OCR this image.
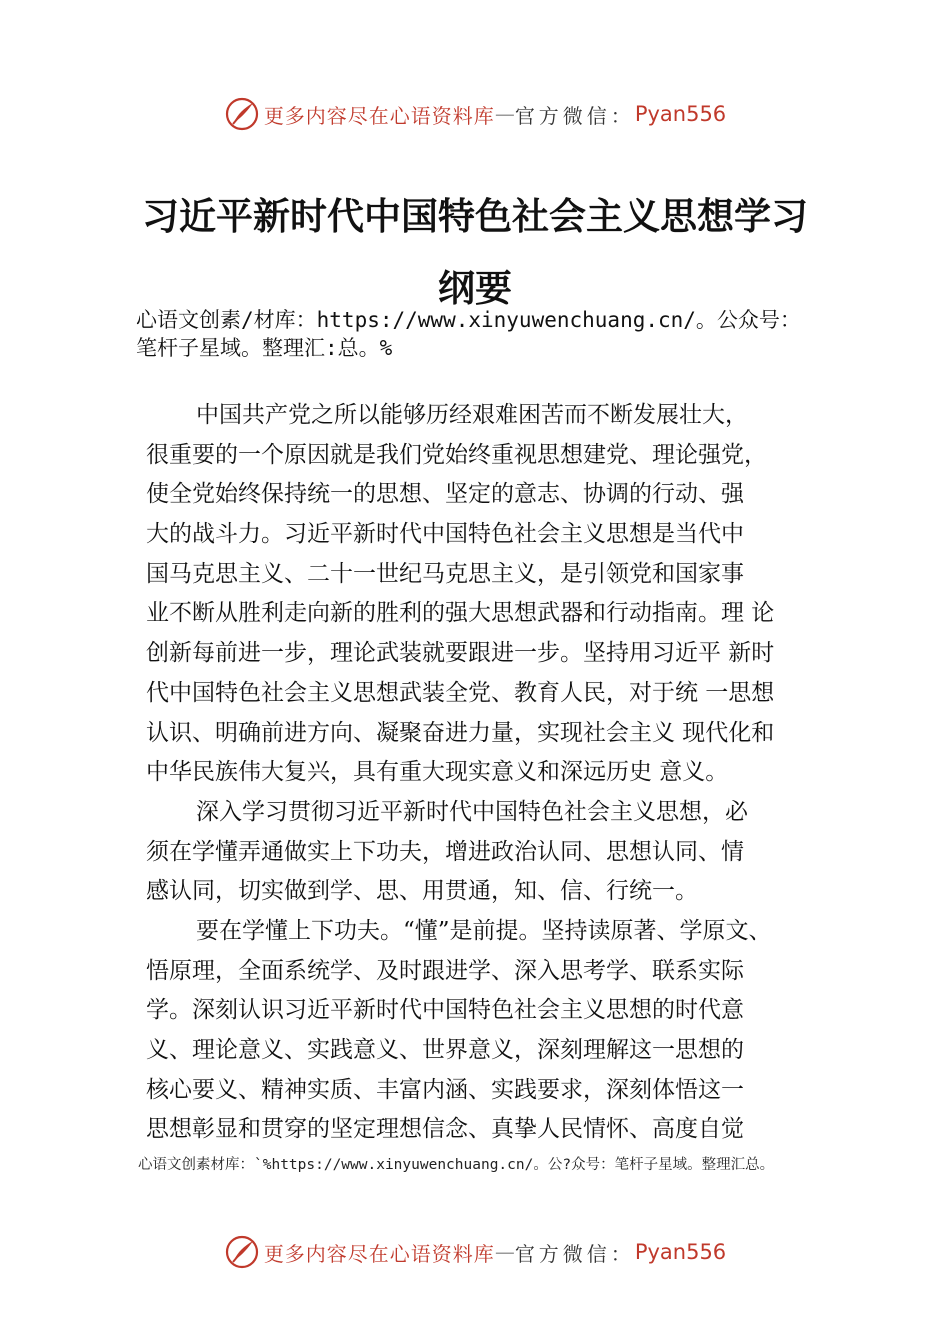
更多内容尽在心语资料库 — 官方微信： Pyan556
习近平新时代中国特色社会主义思想学习
纲要
心语文创素/材库：https://www.xinyuwenchuang.cn/。公众号：
笔杆子星域。整理汇:总。%
中国共产党之所以能够历经艰难困苦而不断发展壮大，
很重要的一个原因就是我们党始终重视思想建党、理论强党，
使全党始终保持统一的思想、坚定的意志、协调的行动、强
大的战斗力。习近平新时代中国特色社会主义思想是当代中
国马克思主义、二十一世纪马克思主义，是引领党和国家事
业不断从胜利走向新的胜利的强大思想武器和行动指南。理 论
创新每前进一步，理论武装就要跟进一步。坚持用习近平 新时
代中国特色社会主义思想武装全党、教育人民，对于统 一思想
认识、明确前进方向、凝聚奋进力量，实现社会主义 现代化和
中华民族伟大复兴，具有重大现实意义和深远历史 意义。
深入学习贯彻习近平新时代中国特色社会主义思想，必
须在学懂弄通做实上下功夫，增进政治认同、思想认同、情
感认同，切实做到学、思、用贯通，知、信、行统一。
要在学懂上下功夫。“懂”是前提。坚持读原著、学原文、
悟原理，全面系统学、及时跟进学、深入思考学、联系实际
学。深刻认识习近平新时代中国特色社会主义思想的时代意
义、理论意义、实践意义、世界意义，深刻理解这一思想的
核心要义、精神实质、丰富内涵、实践要求，深刻体悟这一
思想彰显和贯穿的坚定理想信念、真挚人民情怀、高度自觉
心语文创素材库：`%https://www.xinyuwenchuang.cn/。公?众号：笔杆子星域。整理汇总。
更多内容尽在心语资料库 — 官方微信： Pyan556
